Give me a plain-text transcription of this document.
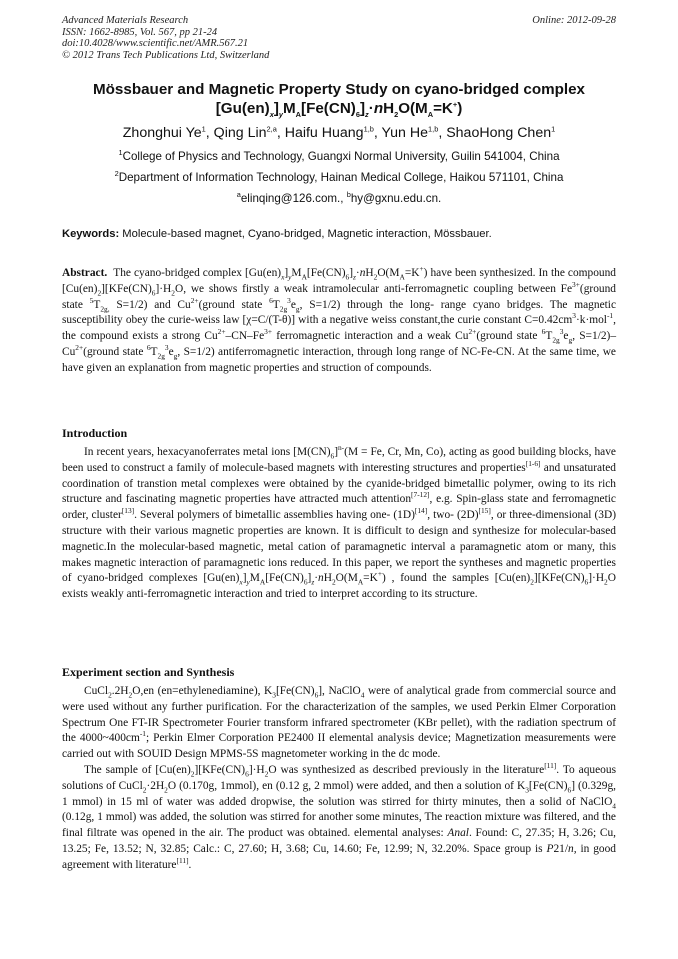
Advanced Materials Research
ISSN: 1662-8985, Vol. 567, pp 21-24
doi:10.4028/www.scientific.net/AMR.567.21
© 2012 Trans Tech Publications Ltd, Switzerland
Online: 2012-09-28
Mössbauer and Magnetic Property Study on cyano-bridged complex
$[Gu(en)_x]_yM_A[Fe(CN)_6]_z\cdot nH_2O(M_A=K^+)$
Zhonghui Ye$^1$, Qing Lin$^{2,a}$, Haifu Huang$^{1,b}$, Yun He$^{1,b}$, ShaoHong Chen$^1$
$^1$College of Physics and Technology, Guangxi Normal University, Guilin 541004, China
$^2$Department of Information Technology, Hainan Medical College, Haikou 571101, China
$^a$elinqing@126.com., $^b$hy@gxnu.edu.cn.
Keywords: Molecule-based magnet, Cyano-bridged, Magnetic interaction, Mössbauer.

Abstract.  The cyano-bridged complex $[Gu(en)_x]_yM_A[Fe(CN)_6]_z\cdot nH_2O(M_A=K^+)$ have been synthesized. In the compound $[Cu(en)_2][KFe(CN)_6]\cdot H_2O$, we shows firstly a weak intramolecular anti-ferromagnetic coupling between $Fe^{3+}(ground$ state $^5T_{2g,}$ S=1/2) and $Cu^{2+}(ground$ state $^6T_{2g}^3e_g$, S=1/2) through the long- range cyano bridges. The magnetic susceptibility obey the curie-weiss law [χ=C/(T-θ)] with a negative weiss constant,the curie constant $C=0.42cm^3\cdot k\cdot mol^{-1}$, the compound exists a strong $Cu^{2+}-CN-Fe^{3+}$ ferromagnetic interaction and a weak $Cu^{2+}(ground$ state $^6T_{2g}^3e_g$, $S=1/2)-Cu^{2+}(ground$ state $^6T_{2g}^3e_g$, S=1/2) antiferromagnetic interaction, through long range of NC-Fe-CN. At the same time, we have given an explanation from magnetic properties and struction of compounds.

Introduction

In recent years, hexacyanoferrates metal ions $[M(CN)_6]^{n-}(M = Fe$, Cr, Mn, Co), acting as good building blocks, have been used to construct a family of molecule-based magnets with interesting structures and properties[1-6] and unsaturated coordination of transtion metal complexes were obtained by the cyanide-bridged bimetallic polymer, owing to its rich structure and fascinating magnetic properties have attracted much attention[7-12], e.g. Spin-glass state and ferromagnetic order, cluster[13]. Several polymers of bimetallic assemblies having one- (1D)[14], two- (2D)[15], or three-dimensional (3D) structure with their various magnetic properties are known. It is difficult to design and synthesize for molecular-based magnetic.In the molecular-based magnetic, metal cation of paramagnetic interval a paramagnetic atom or many, this makes magnetic interaction of paramagnetic ions reduced. In this paper, we report the syntheses and magnetic properties of cyano-bridged complexes $[Gu(en)_x]_yM_A[Fe(CN)_6]_z\cdot nH_2O(M_A=K^+)$ , found the samples $[Cu(en)_2][KFe(CN)_6]\cdot H_2O$ exists weakly anti-ferromagnetic interaction and tried to interpret according to its structure.

Experiment section and Synthesis

$CuCl_2.2H_2O,en$ (en=ethylenediamine), $K_3[Fe(CN)_6]$, NaClO$_4$ were of analytical grade from commercial source and were used without any further purification. For the characterization of the samples, we used Perkin Elmer Corporation Spectrum One FT-IR Spectrometer Fourier transform infrared spectrometer (KBr pellet), with the radiation spectrum of the $4000\sim 400cm^{-1}$; Perkin Elmer Corporation PE2400 II elemental analysis device; Magnetization measurements were carried out with SOUID Design MPMS-5S magnetometer working in the dc mode.

The sample of $[Cu(en)_2][KFe(CN)_6]\cdot H_2O$ was synthesized as described previously in the literature[11]. To aqueous solutions of $CuCl_2\cdot 2H_2O$ (0.170g, 1mmol), en (0.12 g, 2 mmol) were added, and then a solution of $K_3[Fe(CN)_6]$ (0.329g, 1 mmol) in 15 ml of water was added dropwise, the solution was stirred for thirty minutes, then a solid of NaClO$_4$ (0.12g, 1 mmol) was added, the solution was stirred for another some minutes, The reaction mixture was filtered, and the final filtrate was opened in the air. The product was obtained. elemental analyses: Anal. Found: C, 27.35; H, 3.26; Cu, 13.25; Fe, 13.52; N, 32.85; Calc.: C, 27.60; H, 3.68; Cu, 14.60; Fe, 12.99; N, 32.20%. Space group is P21/n, in good agreement with literature[11].
